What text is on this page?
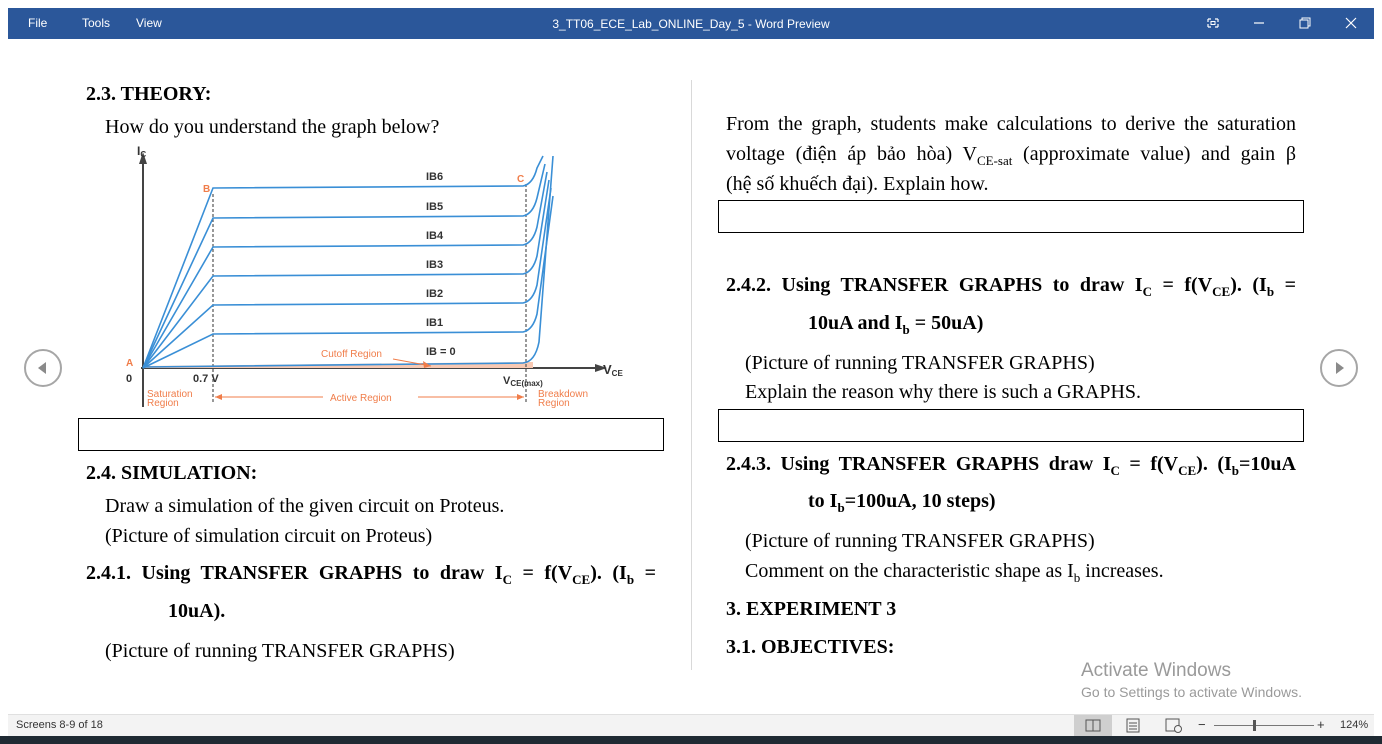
File	Tools View	3_TT06_ECE_Lab_ONLINE_Day_5 - Word Preview
2.3. THEORY:
How do you understand the graph below?
IC
VCE
IB6
IB5
IB4
IB3
IB2
IB1
IB = 0
A
B
C
0	0.7 V	VCE(max)
Cutoff Region
Saturation
Region	Active Region	Breakdown
Region
2.4. SIMULATION:
Draw a simulation of the given circuit on Proteus.
(Picture of simulation circuit on Proteus)
2.4.1. Using TRANSFER GRAPHS to draw $I_C = f(V_{CE})$. ($I_b$ =
10uA).
(Picture of running TRANSFER GRAPHS)
From the graph, students make calculations to derive the saturation
voltage (điện áp bảo hòa) $V_{CE-sat}$ (approximate value) and gain β
(hệ số khuếch đại). Explain how.
2.4.2. Using TRANSFER GRAPHS to draw $I_C = f(V_{CE})$. ($I_b$ =
10uA and $I_b = 50uA$)
(Picture of running TRANSFER GRAPHS)
Explain the reason why there is such a GRAPHS.
2.4.3. Using TRANSFER GRAPHS draw $I_C = f(V_{CE})$. ($I_b=10uA$
to $I_b=100uA$, 10 steps)
(Picture of running TRANSFER GRAPHS)
Comment on the characteristic shape as $I_b$ increases.
3. EXPERIMENT 3
3.1. OBJECTIVES:
Activate Windows
Go to Settings to activate Windows.
Screens 8-9 of 18	−	+ 124%
